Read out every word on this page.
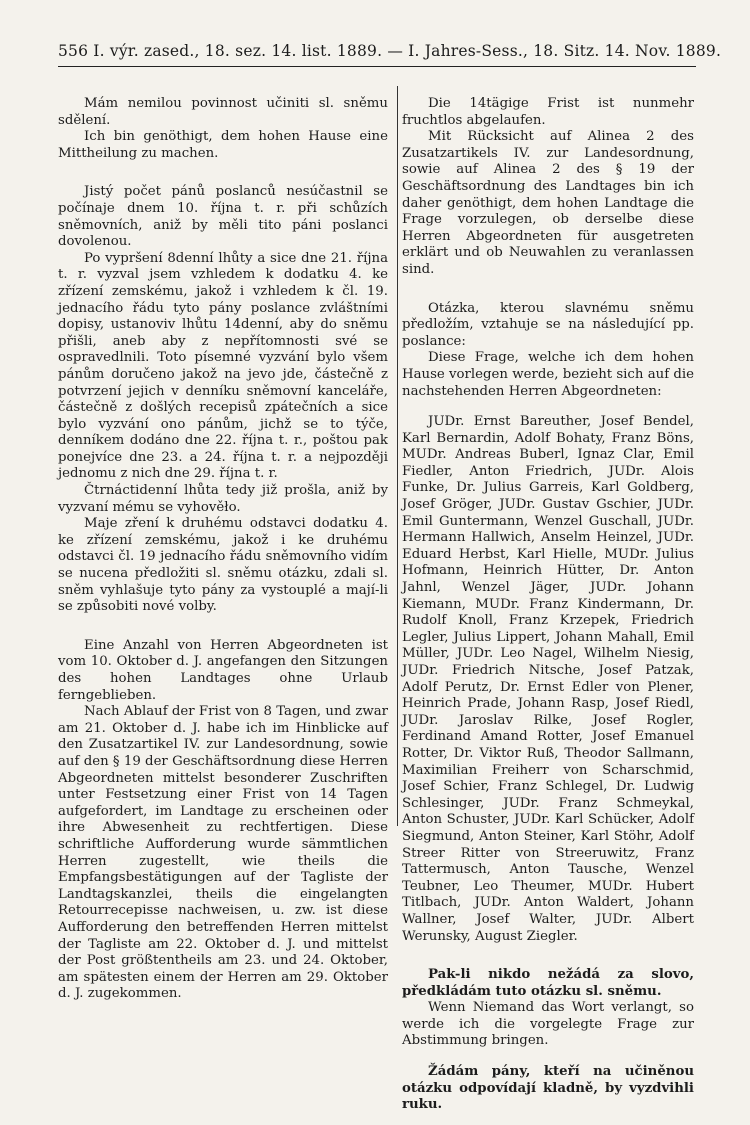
556 I. výr. zased., 18. sez. 14. list. 1889. — I. Jahres-Sess., 18. Sitz. 14. Nov. 1889.

Mám nemilou povinnost učiniti sl. sněmu sdělení.

Ich bin genöthigt, dem hohen Hause eine Mittheilung zu machen.

Jistý počet pánů poslanců nesúčastnil se počínaje dnem 10. října t. r. při schůzích sněmovních, aniž by měli tito páni poslanci dovolenou.

Po vypršení 8denní lhůty a sice dne 21. října t. r. vyzval jsem vzhledem k dodatku 4. ke zřízení zemskému, jakož i vzhledem k čl. 19. jednacího řádu tyto pány poslance zvláštními dopisy, ustanoviv lhůtu 14denní, aby do sněmu přišli, aneb aby z nepřítomnosti své se ospravedlnili. Toto písemné vyzvání bylo všem pánům doručeno jakož na jevo jde, částečně z potvrzení jejich v denníku sněmovní kanceláře, částečně z došlých recepisů zpátečních a sice bylo vyzvání ono pánům, jichž se to týče, denníkem dodáno dne 22. října t. r., poštou pak ponejvíce dne 23. a 24. října t. r. a nejpozději jednomu z nich dne 29. října t. r.

Čtrnáctidenní lhůta tedy již prošla, aniž by vyzvaní mému se vyhověło.

Maje zření k druhému odstavci dodatku 4. ke zřízení zemskému, jakož i ke druhému odstavci čl. 19 jednacího řádu sněmovního vidím se nucena předložiti sl. sněmu otázku, zdali sl. sněm vyhlašuje tyto pány za vystouplé a mají-li se způsobiti nové volby.

Eine Anzahl von Herren Abgeordneten ist vom 10. Oktober d. J. angefangen den Sitzungen des hohen Landtages ohne Urlaub ferngeblieben.

Nach Ablauf der Frist von 8 Tagen, und zwar am 21. Oktober d. J. habe ich im Hinblicke auf den Zusatzartikel IV. zur Landesordnung, sowie auf den § 19 der Geschäftsordnung diese Herren Abgeordneten mittelst besonderer Zuschriften unter Festsetzung einer Frist von 14 Tagen aufgefordert, im Landtage zu erscheinen oder ihre Abwesenheit zu rechtfertigen. Diese schriftliche Aufforderung wurde sämmtlichen Herren zugestellt, wie theils die Empfangsbestätigungen auf der Tagliste der Landtagskanzlei, theils die eingelangten Retourrecepisse nachweisen, u. zw. ist diese Aufforderung den betreffenden Herren mittelst der Tagliste am 22. Oktober d. J. und mittelst der Post größtentheils am 23. und 24. Oktober, am spätesten einem der Herren am 29. Oktober d. J. zugekommen.

Die 14tägige Frist ist nunmehr fruchtlos abgelaufen.

Mit Rücksicht auf Alinea 2 des Zusatzartikels IV. zur Landesordnung, sowie auf Alinea 2 des § 19 der Geschäftsordnung des Landtages bin ich daher genöthigt, dem hohen Landtage die Frage vorzulegen, ob derselbe diese Herren Abgeordneten für ausgetreten erklärt und ob Neuwahlen zu veranlassen sind.

Otázka, kterou slavnému sněmu předložím, vztahuje se na následující pp. poslance:

Diese Frage, welche ich dem hohen Hause vorlegen werde, bezieht sich auf die nachstehenden Herren Abgeordneten:

JUDr. Ernst Bareuther, Josef Bendel, Karl Bernardin, Adolf Bohaty, Franz Böns, MUDr. Andreas Buberl, Ignaz Clar, Emil Fiedler, Anton Friedrich, JUDr. Alois Funke, Dr. Julius Garreis, Karl Goldberg, Josef Gröger, JUDr. Gustav Gschier, JUDr. Emil Guntermann, Wenzel Guschall, JUDr. Hermann Hallwich, Anselm Heinzel, JUDr. Eduard Herbst, Karl Hielle, MUDr. Julius Hofmann, Heinrich Hütter, Dr. Anton Jahnl, Wenzel Jäger, JUDr. Johann Kiemann, MUDr. Franz Kindermann, Dr. Rudolf Knoll, Franz Krzepek, Friedrich Legler, Julius Lippert, Johann Mahall, Emil Müller, JUDr. Leo Nagel, Wilhelm Niesig, JUDr. Friedrich Nitsche, Josef Patzak, Adolf Perutz, Dr. Ernst Edler von Plener, Heinrich Prade, Johann Rasp, Josef Riedl, JUDr. Jaroslav Rilke, Josef Rogler, Ferdinand Amand Rotter, Josef Emanuel Rotter, Dr. Viktor Ruß, Theodor Sallmann, Maximilian Freiherr von Scharschmid, Josef Schier, Franz Schlegel, Dr. Ludwig Schlesinger, JUDr. Franz Schmeykal, Anton Schuster, JUDr. Karl Schücker, Adolf Siegmund, Anton Steiner, Karl Stöhr, Adolf Streer Ritter von Streeruwitz, Franz Tattermusch, Anton Tausche, Wenzel Teubner, Leo Theumer, MUDr. Hubert Titlbach, JUDr. Anton Waldert, Johann Wallner, Josef Walter, JUDr. Albert Werunsky, August Ziegler.

Pak-li nikdo nežádá za slovo, předkládám tuto otázku sl. sněmu.

Wenn Niemand das Wort verlangt, so werde ich die vorgelegte Frage zur Abstimmung bringen.

Žádám pány, kteří na učiněnou otázku odpovídají kladně, by vyzdvihli ruku.
